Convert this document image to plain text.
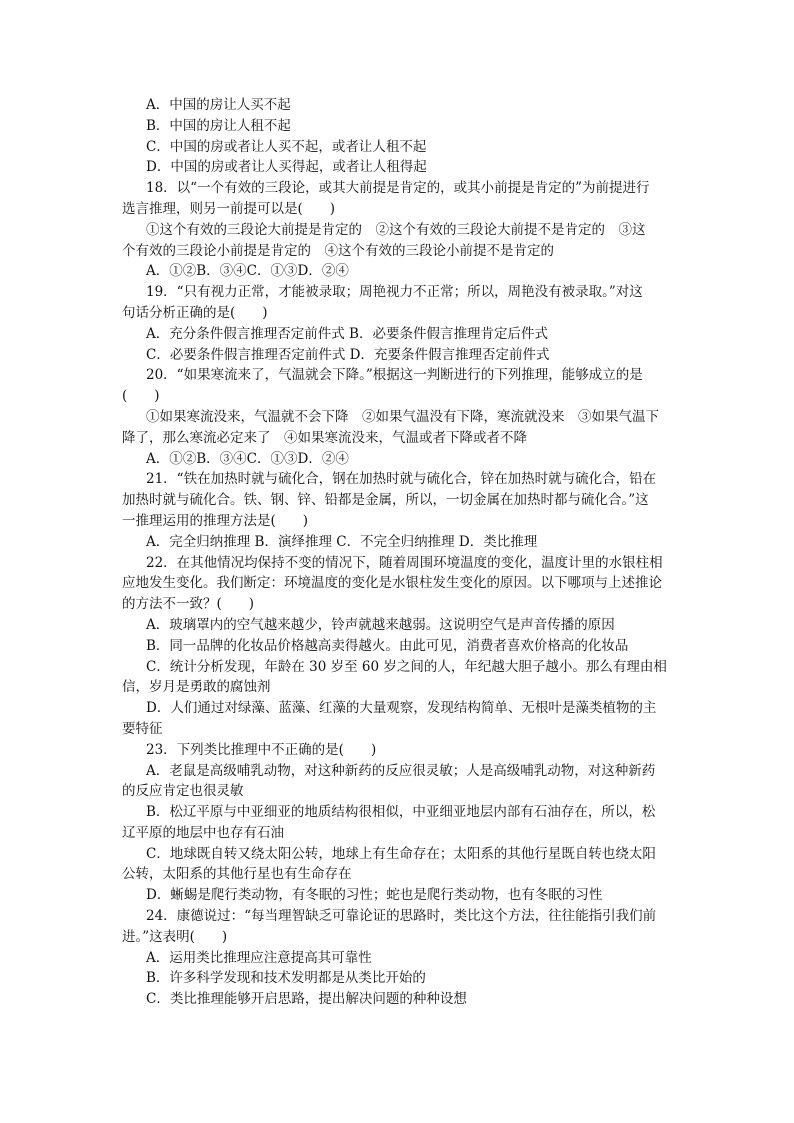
A．中国的房让人买不起
B．中国的房让人租不起
C．中国的房或者让人买不起，或者让人租不起
D．中国的房或者让人买得起，或者让人租得起
18．以“一个有效的三段论，或其大前提是肯定的，或其小前提是肯定的”为前提进行
选言推理，则另一前提可以是(　　)
①这个有效的三段论大前提是肯定的　②这个有效的三段论大前提不是肯定的　③这
个有效的三段论小前提是肯定的　④这个有效的三段论小前提不是肯定的
A．①②B．③④C．①③D．②④
19．“只有视力正常，才能被录取；周艳视力不正常；所以，周艳没有被录取。”对这
句话分析正确的是(　　)
A．充分条件假言推理否定前件式 B．必要条件假言推理肯定后件式
C．必要条件假言推理否定前件式 D．充要条件假言推理否定前件式
20．“如果寒流来了，气温就会下降。”根据这一判断进行的下列推理，能够成立的是
(　　)
①如果寒流没来，气温就不会下降　②如果气温没有下降，寒流就没来　③如果气温下
降了，那么寒流必定来了　④如果寒流没来，气温或者下降或者不降
A．①②B．③④C．①③D．②④
21．“铁在加热时就与硫化合，钢在加热时就与硫化合，锌在加热时就与硫化合，铅在
加热时就与硫化合。铁、钢、锌、铅都是金属，所以，一切金属在加热时都与硫化合。”这
一推理运用的推理方法是(　　)
A．完全归纳推理 B．演绎推理 C．不完全归纳推理 D．类比推理
22．在其他情况均保持不变的情况下，随着周围环境温度的变化，温度计里的水银柱相
应地发生变化。我们断定：环境温度的变化是水银柱发生变化的原因。以下哪项与上述推论
的方法不一致？(　　)
A．玻璃罩内的空气越来越少，铃声就越来越弱。这说明空气是声音传播的原因
B．同一品牌的化妆品价格越高卖得越火。由此可见，消费者喜欢价格高的化妆品
C．统计分析发现，年龄在 30 岁至 60 岁之间的人，年纪越大胆子越小。那么有理由相
信，岁月是勇敢的腐蚀剂
D．人们通过对绿藻、蓝藻、红藻的大量观察，发现结构简单、无根叶是藻类植物的主
要特征
23．下列类比推理中不正确的是(　　)
A．老鼠是高级哺乳动物，对这种新药的反应很灵敏；人是高级哺乳动物，对这种新药
的反应肯定也很灵敏
B．松辽平原与中亚细亚的地质结构很相似，中亚细亚地层内部有石油存在，所以，松
辽平原的地层中也存有石油
C．地球既自转又绕太阳公转，地球上有生命存在；太阳系的其他行星既自转也绕太阳
公转，太阳系的其他行星也有生命存在
D．蜥蜴是爬行类动物，有冬眠的习性；蛇也是爬行类动物，也有冬眠的习性
24．康德说过：“每当理智缺乏可靠论证的思路时，类比这个方法，往往能指引我们前
进。”这表明(　　)
A．运用类比推理应注意提高其可靠性
B．许多科学发现和技术发明都是从类比开始的
C．类比推理能够开启思路，提出解决问题的种种设想
